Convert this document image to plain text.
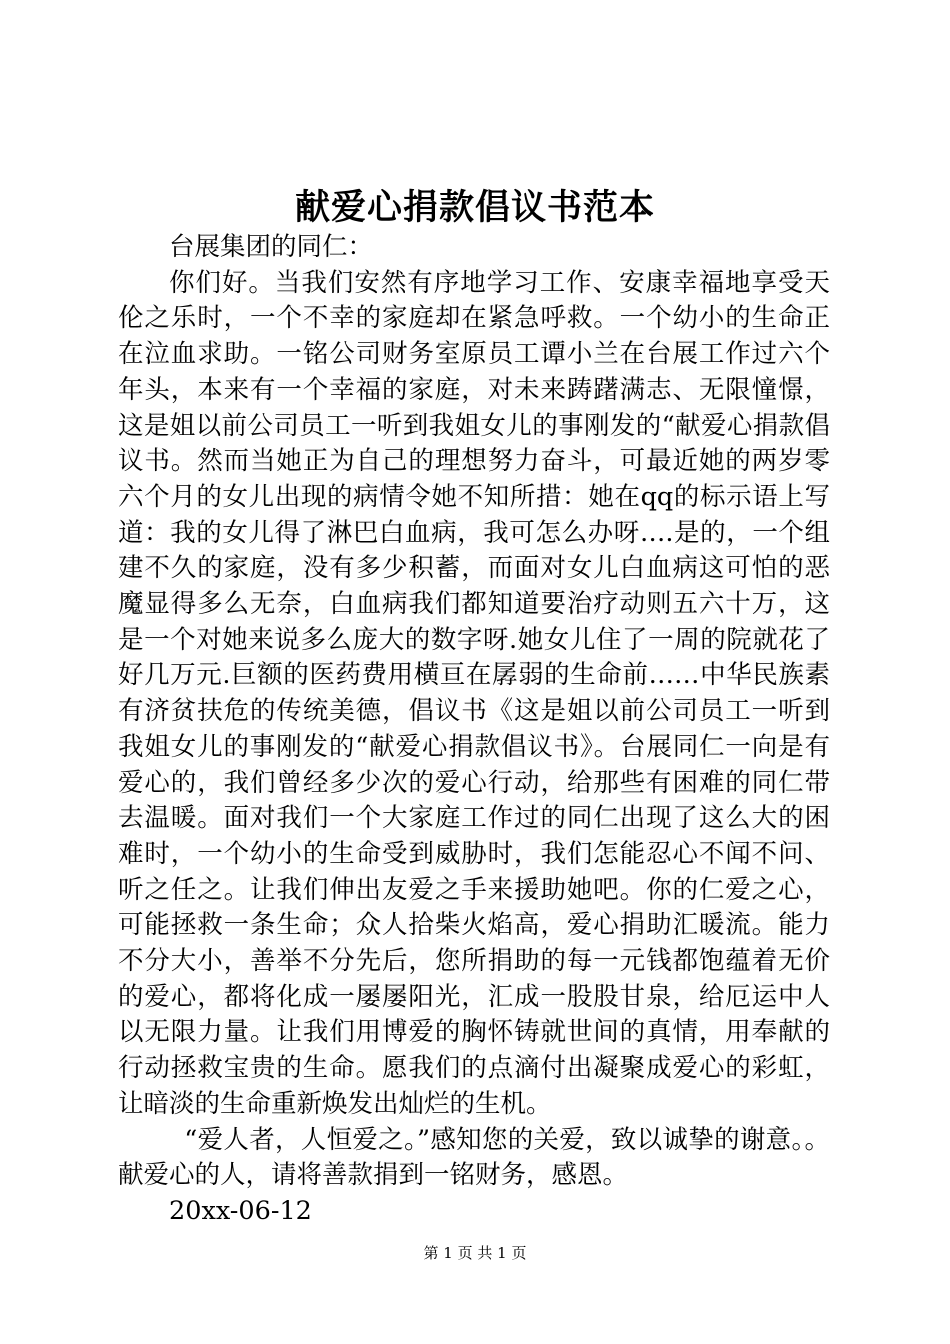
献爱心捐款倡议书范本

台展集团的同仁：

你们好。当我们安然有序地学习工作、安康幸福地享受天伦之乐时，一个不幸的家庭却在紧急呼救。一个幼小的生命正在泣血求助。一铭公司财务室原员工谭小兰在台展工作过六个年头，本来有一个幸福的家庭，对未来踌躇满志、无限憧憬，这是姐以前公司员工一听到我姐女儿的事刚发的“献爱心捐款倡议书。然而当她正为自己的理想努力奋斗，可最近她的两岁零六个月的女儿出现的病情令她不知所措：她在qq的标示语上写道：我的女儿得了淋巴白血病，我可怎么办呀….是的，一个组建不久的家庭，没有多少积蓄，而面对女儿白血病这可怕的恶魔显得多么无奈，白血病我们都知道要治疗动则五六十万，这是一个对她来说多么庞大的数字呀.她女儿住了一周的院就花了好几万元.巨额的医药费用横亘在孱弱的生命前……中华民族素有济贫扶危的传统美德，倡议书《这是姐以前公司员工一听到我姐女儿的事刚发的“献爱心捐款倡议书》。台展同仁一向是有爱心的，我们曾经多少次的爱心行动，给那些有困难的同仁带去温暖。面对我们一个大家庭工作过的同仁出现了这么大的困难时，一个幼小的生命受到威胁时，我们怎能忍心不闻不问、听之任之。让我们伸出友爱之手来援助她吧。你的仁爱之心，可能拯救一条生命；众人拾柴火焰高，爱心捐助汇暖流。能力不分大小，善举不分先后，您所捐助的每一元钱都饱蕴着无价的爱心，都将化成一屡屡阳光，汇成一股股甘泉，给厄运中人以无限力量。让我们用博爱的胸怀铸就世间的真情，用奉献的行动拯救宝贵的生命。愿我们的点滴付出凝聚成爱心的彩虹，让暗淡的生命重新焕发出灿烂的生机。

“爱人者，人恒爱之。”感知您的关爱，致以诚挚的谢意。。献爱心的人，请将善款捐到一铭财务，感恩。

20xx-06-12

第 1 页 共 1 页
